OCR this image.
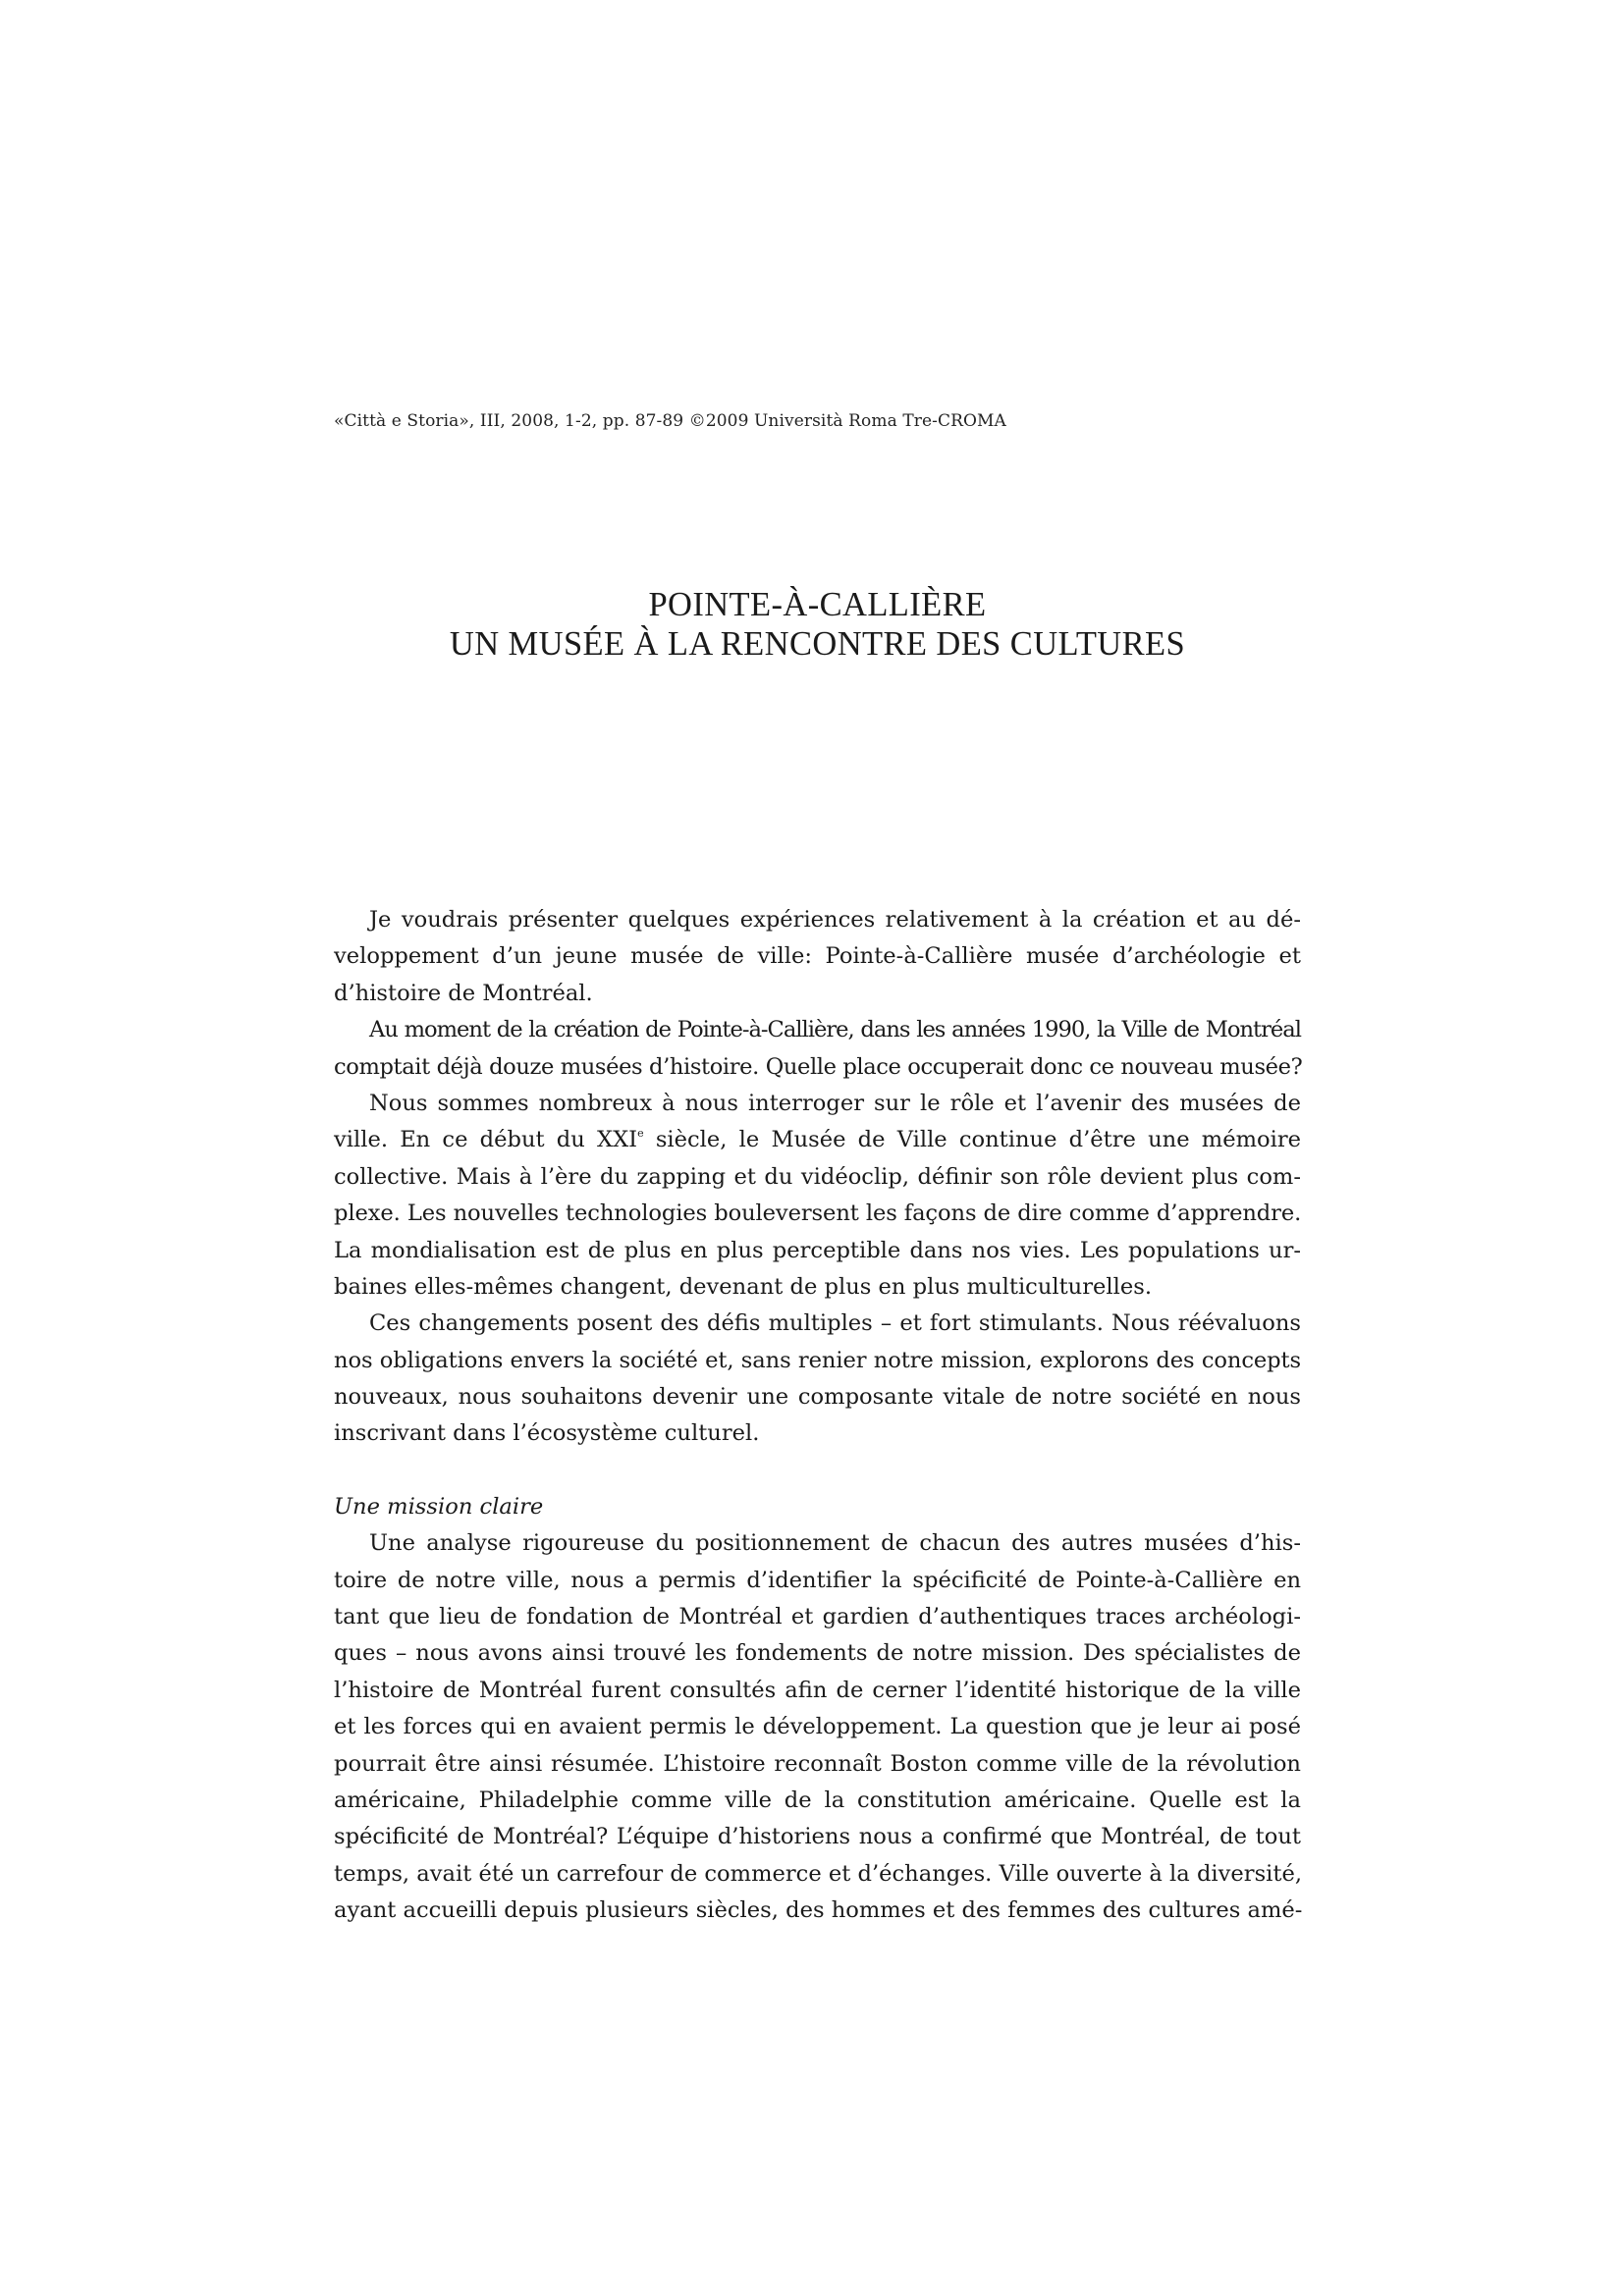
«Città e Storia», III, 2008, 1-2, pp. 87-89 ©2009 Università Roma Tre-CROMA
POINTE-À-CALLIÈRE
UN MUSÉE À LA RENCONTRE DES CULTURES
Je voudrais présenter quelques expériences relativement à la création et au dé-
veloppement d’un jeune musée de ville: Pointe-à-Callière musée d’archéologie et
d’histoire de Montréal.
Au moment de la création de Pointe-à-Callière, dans les années 1990, la Ville de Montréal
comptait déjà douze musées d’histoire. Quelle place occuperait donc ce nouveau musée?
Nous sommes nombreux à nous interroger sur le rôle et l’avenir des musées de
ville. En ce début du XXIe siècle, le Musée de Ville continue d’être une mémoire
collective. Mais à l’ère du zapping et du vidéoclip, définir son rôle devient plus com-
plexe. Les nouvelles technologies bouleversent les façons de dire comme d’apprendre.
La mondialisation est de plus en plus perceptible dans nos vies. Les populations ur-
baines elles-mêmes changent, devenant de plus en plus multiculturelles.
Ces changements posent des défis multiples – et fort stimulants. Nous réévaluons
nos obligations envers la société et, sans renier notre mission, explorons des concepts
nouveaux, nous souhaitons devenir une composante vitale de notre société en nous
inscrivant dans l’écosystème culturel.
Une mission claire
Une analyse rigoureuse du positionnement de chacun des autres musées d’his-
toire de notre ville, nous a permis d’identifier la spécificité de Pointe-à-Callière en
tant que lieu de fondation de Montréal et gardien d’authentiques traces archéologi-
ques – nous avons ainsi trouvé les fondements de notre mission. Des spécialistes de
l’histoire de Montréal furent consultés afin de cerner l’identité historique de la ville
et les forces qui en avaient permis le développement. La question que je leur ai posé
pourrait être ainsi résumée. L’histoire reconnaît Boston comme ville de la révolution
américaine, Philadelphie comme ville de la constitution américaine. Quelle est la
spécificité de Montréal? L’équipe d’historiens nous a confirmé que Montréal, de tout
temps, avait été un carrefour de commerce et d’échanges. Ville ouverte à la diversité,
ayant accueilli depuis plusieurs siècles, des hommes et des femmes des cultures amé-
